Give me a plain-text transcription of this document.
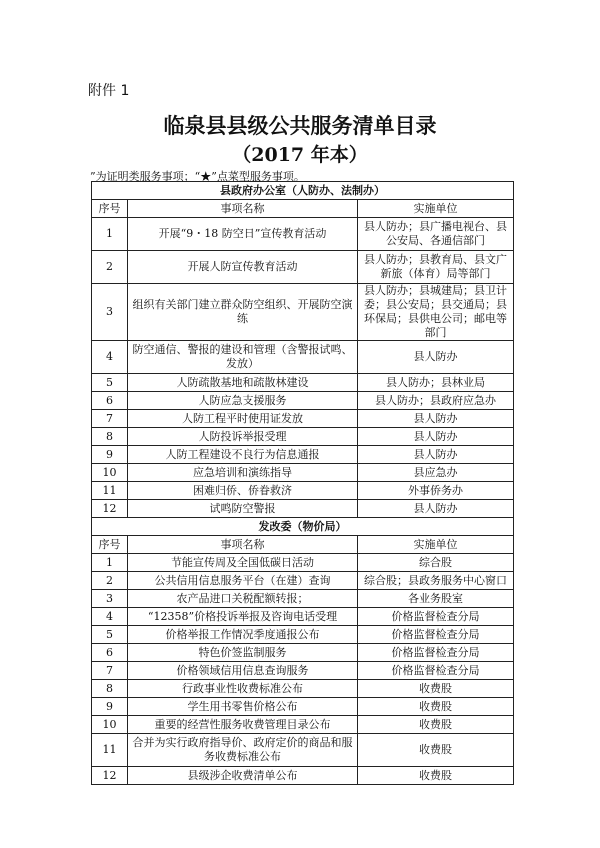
附件 1
临泉县县级公共服务清单目录
（2017 年本）
”为证明类服务事项；“★”点菜型服务事项。
县政府办公室（人防办、法制办）		
序号	事项名称	实施单位
1	开展“9・18 防空日”宣传教育活动	县人防办；县广播电视台、县公安局、各通信部门
2	开展人防宣传教育活动	县人防办；县教育局、县文广新旅（体育）局等部门
3	组织有关部门建立群众防空组织、开展防空演练	县人防办；县城建局；县卫计委；县公安局；县交通局；县环保局；县供电公司；邮电等部门
4	防空通信、警报的建设和管理（含警报试鸣、发放）	县人防办
5	人防疏散基地和疏散林建设	县人防办；县林业局
6	人防应急支援服务	县人防办；县政府应急办
7	人防工程平时使用证发放	县人防办
8	人防投诉举报受理	县人防办
9	人防工程建设不良行为信息通报	县人防办
10	应急培训和演练指导	县应急办
11	困难归侨、侨眷救济	外事侨务办
12	试鸣防空警报	县人防办
发改委（物价局）		
序号	事项名称	实施单位
1	节能宣传周及全国低碳日活动	综合股
2	公共信用信息服务平台（在建）查询	综合股；县政务服务中心窗口
3	农产品进口关税配额转报；	各业务股室
4	“12358”价格投诉举报及咨询电话受理	价格监督检查分局
5	价格举报工作情况季度通报公布	价格监督检查分局
6	特色价签监制服务	价格监督检查分局
7	价格领域信用信息查询服务	价格监督检查分局
8	行政事业性收费标准公布	收费股
9	学生用书零售价格公布	收费股
10	重要的经营性服务收费管理目录公布	收费股
11	合并为实行政府指导价、政府定价的商品和服务收费标准公布	收费股
12	县级涉企收费清单公布	收费股
